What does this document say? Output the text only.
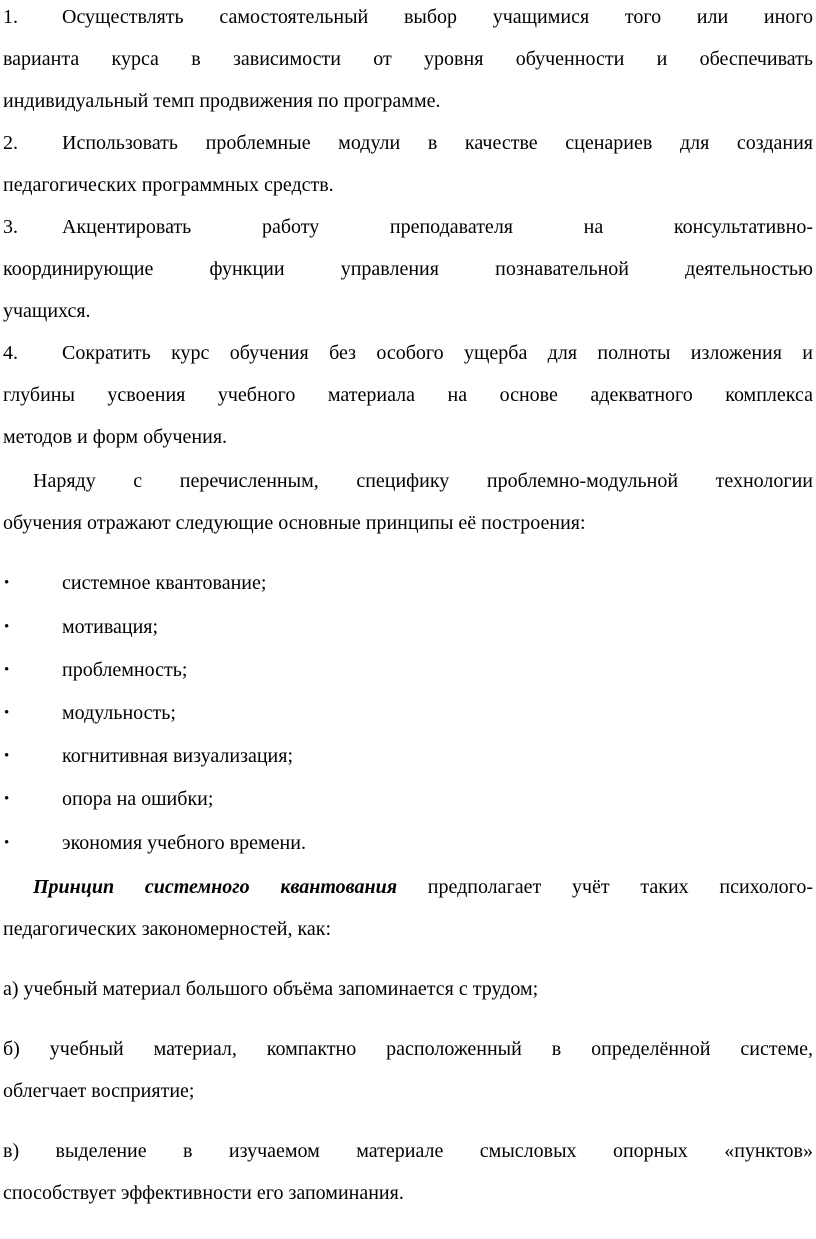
1. Осуществлять самостоятельный выбор учащимися того или иного
варианта курса в зависимости от уровня обученности и обеспечивать
индивидуальный темп продвижения по программе.
2. Использовать проблемные модули в качестве сценариев для создания
педагогических программных средств.
3. Акцентировать работу преподавателя на консультативно-
координирующие функции управления познавательной деятельностью
учащихся.
4. Сократить курс обучения без особого ущерба для полноты изложения и
глубины усвоения учебного материала на основе адекватного комплекса
методов и форм обучения.
Наряду с перечисленным, специфику проблемно-модульной технологии
обучения отражают следующие основные принципы её построения:
•	системное квантование;
•	мотивация;
•	проблемность;
•	модульность;
•	когнитивная визуализация;
•	опора на ошибки;
•	экономия учебного времени.
Принцип системного квантования предполагает учёт таких психолого-
педагогических закономерностей, как:
а) учебный материал большого объёма запоминается с трудом;
б) учебный материал, компактно расположенный в определённой системе,
облегчает восприятие;
в) выделение в изучаемом материале смысловых опорных «пунктов»
способствует эффективности его запоминания.
